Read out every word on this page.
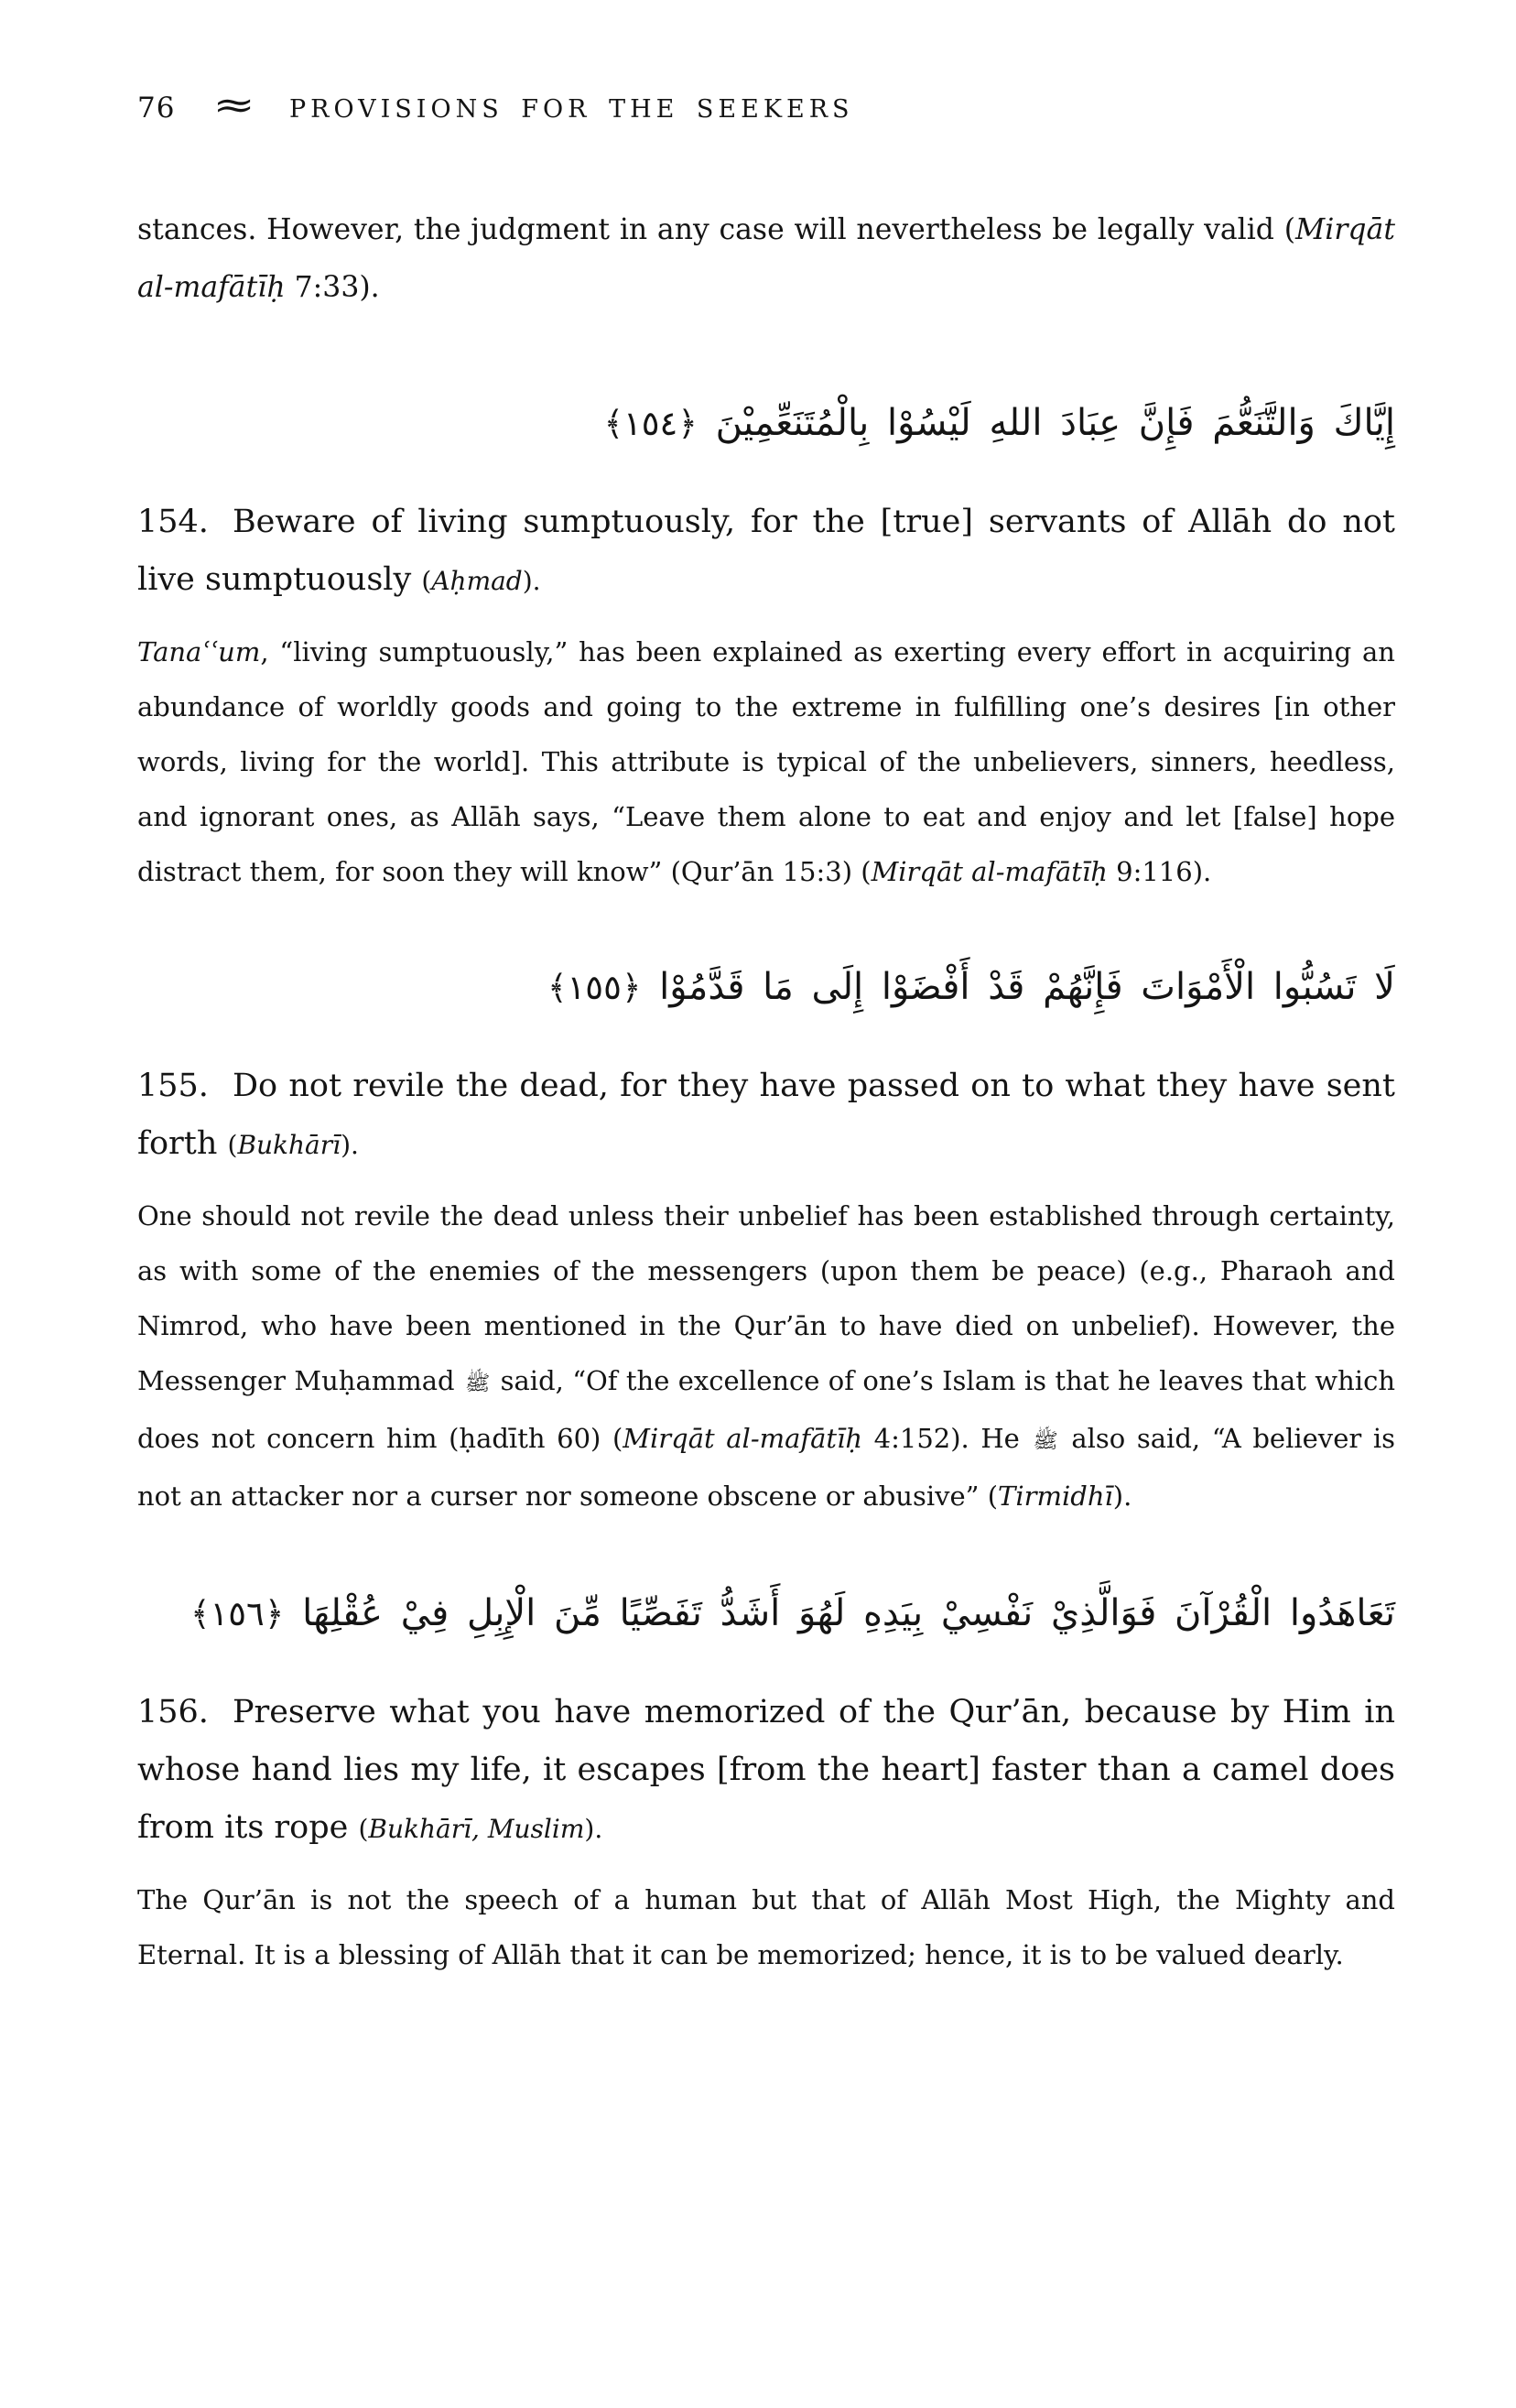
76 ≈ PROVISIONS FOR THE SEEKERS

stances. However, the judgment in any case will nevertheless be legally valid (Mirqāt al-mafātīḥ 7:33).

إِيَّاكَ وَالتَّنَعُّمَ فَإِنَّ عِبَادَ اللهِ لَيْسُوْا بِالْمُتَنَعِّمِيْنَ ﴿١٥٤﴾

154. Beware of living sumptuously, for the [true] servants of Allāh do not live sumptuously (Aḥmad).

Tanaʿʿum, “living sumptuously,” has been explained as exerting every effort in acquiring an abundance of worldly goods and going to the extreme in fulfilling one’s desires [in other words, living for the world]. This attribute is typical of the unbelievers, sinners, heedless, and ignorant ones, as Allāh says, “Leave them alone to eat and enjoy and let [false] hope distract them, for soon they will know” (Qur’ān 15:3) (Mirqāt al-mafātīḥ 9:116).

لَا تَسُبُّوا الْأَمْوَاتَ فَإِنَّهُمْ قَدْ أَفْضَوْا إِلَى مَا قَدَّمُوْا ﴿١٥٥﴾

155. Do not revile the dead, for they have passed on to what they have sent forth (Bukhārī).

One should not revile the dead unless their unbelief has been established through certainty, as with some of the enemies of the messengers (upon them be peace) (e.g., Pharaoh and Nimrod, who have been mentioned in the Qur’ān to have died on unbelief). However, the Messenger Muḥammad ﷺ said, “Of the excellence of one’s Islam is that he leaves that which does not concern him (ḥadīth 60) (Mirqāt al-mafātīḥ 4:152). He ﷺ also said, “A believer is not an attacker nor a curser nor someone obscene or abusive” (Tirmidhī).

تَعَاهَدُوا الْقُرْآنَ فَوَالَّذِيْ نَفْسِيْ بِيَدِهِ لَهُوَ أَشَدُّ تَفَصِّيًا مِّنَ الْإِبِلِ فِيْ عُقْلِهَا ﴿١٥٦﴾

156. Preserve what you have memorized of the Qur’ān, because by Him in whose hand lies my life, it escapes [from the heart] faster than a camel does from its rope (Bukhārī, Muslim).

The Qur’ān is not the speech of a human but that of Allāh Most High, the Mighty and Eternal. It is a blessing of Allāh that it can be memorized; hence, it is to be valued dearly.
